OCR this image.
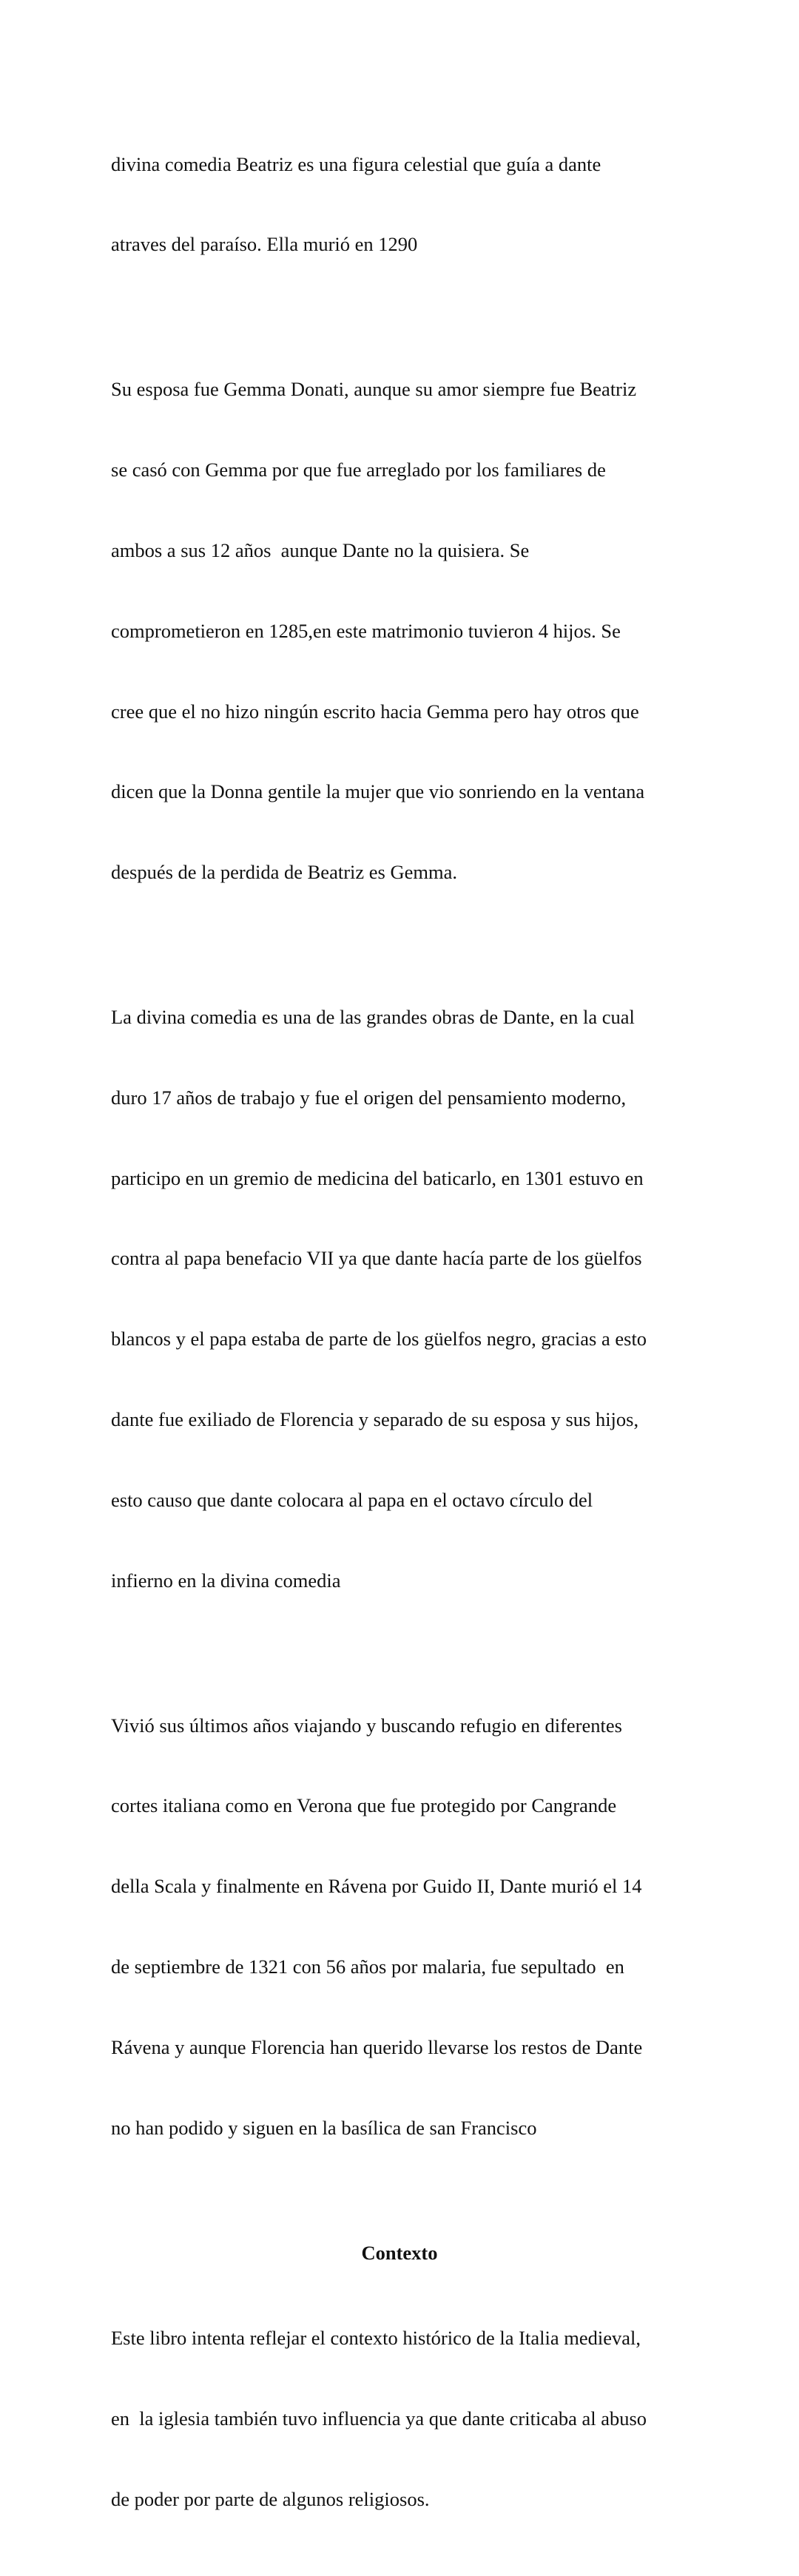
divina comedia Beatriz es una figura celestial que guía a dante

atraves del paraíso. Ella murió en 1290

Su esposa fue Gemma Donati, aunque su amor siempre fue Beatriz

se casó con Gemma por que fue arreglado por los familiares de

ambos a sus 12 años  aunque Dante no la quisiera. Se

comprometieron en 1285,en este matrimonio tuvieron 4 hijos. Se

cree que el no hizo ningún escrito hacia Gemma pero hay otros que

dicen que la Donna gentile la mujer que vio sonriendo en la ventana

después de la perdida de Beatriz es Gemma.

La divina comedia es una de las grandes obras de Dante, en la cual

duro 17 años de trabajo y fue el origen del pensamiento moderno,

participo en un gremio de medicina del baticarlo, en 1301 estuvo en

contra al papa benefacio VII ya que dante hacía parte de los güelfos

blancos y el papa estaba de parte de los güelfos negro, gracias a esto

dante fue exiliado de Florencia y separado de su esposa y sus hijos,

esto causo que dante colocara al papa en el octavo círculo del

infierno en la divina comedia

Vivió sus últimos años viajando y buscando refugio en diferentes

cortes italiana como en Verona que fue protegido por Cangrande

della Scala y finalmente en Rávena por Guido II, Dante murió el 14

de septiembre de 1321 con 56 años por malaria, fue sepultado  en

Rávena y aunque Florencia han querido llevarse los restos de Dante

no han podido y siguen en la basílica de san Francisco

Contexto

Este libro intenta reflejar el contexto histórico de la Italia medieval,

en  la iglesia también tuvo influencia ya que dante criticaba al abuso

de poder por parte de algunos religiosos.
